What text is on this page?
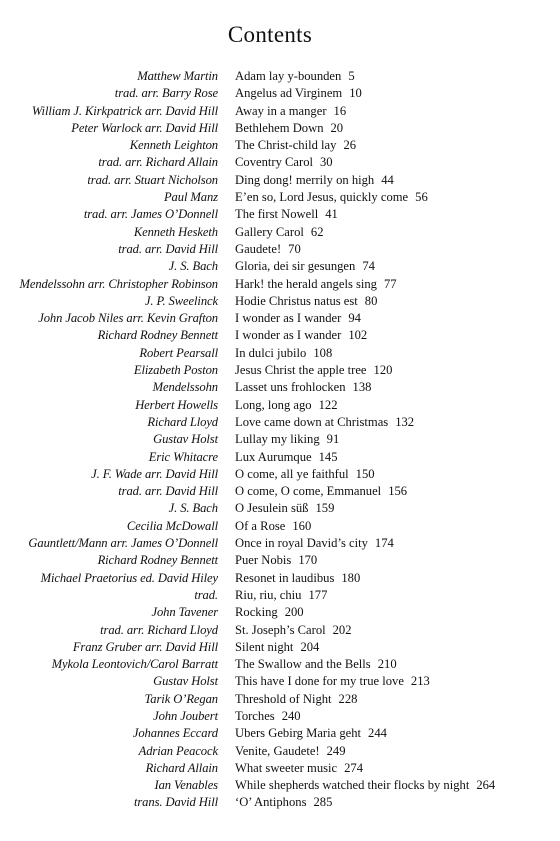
Contents
Matthew Martin	Adam lay y-bounden 5
trad. arr. Barry Rose	Angelus ad Virginem 10
William J. Kirkpatrick arr. David Hill	Away in a manger 16
Peter Warlock arr. David Hill	Bethlehem Down 20
Kenneth Leighton	The Christ-child lay 26
trad. arr. Richard Allain	Coventry Carol 30
trad. arr. Stuart Nicholson	Ding dong! merrily on high 44
Paul Manz	E’en so, Lord Jesus, quickly come 56
trad. arr. James O’Donnell	The first Nowell 41
Kenneth Hesketh	Gallery Carol 62
trad. arr. David Hill	Gaudete! 70
J. S. Bach	Gloria, dei sir gesungen 74
Mendelssohn arr. Christopher Robinson	Hark! the herald angels sing 77
J. P. Sweelinck	Hodie Christus natus est 80
John Jacob Niles arr. Kevin Grafton	I wonder as I wander 94
Richard Rodney Bennett	I wonder as I wander 102
Robert Pearsall	In dulci jubilo 108
Elizabeth Poston	Jesus Christ the apple tree 120
Mendelssohn	Lasset uns frohlocken 138
Herbert Howells	Long, long ago 122
Richard Lloyd	Love came down at Christmas 132
Gustav Holst	Lullay my liking 91
Eric Whitacre	Lux Aurumque 145
J. F. Wade arr. David Hill	O come, all ye faithful 150
trad. arr. David Hill	O come, O come, Emmanuel 156
J. S. Bach	O Jesulein süß 159
Cecilia McDowall	Of a Rose 160
Gauntlett/Mann arr. James O’Donnell	Once in royal David’s city 174
Richard Rodney Bennett	Puer Nobis 170
Michael Praetorius ed. David Hiley	Resonet in laudibus 180
trad.	Riu, riu, chiu 177
John Tavener	Rocking 200
trad. arr. Richard Lloyd	St. Joseph’s Carol 202
Franz Gruber arr. David Hill	Silent night 204
Mykola Leontovich/Carol Barratt	The Swallow and the Bells 210
Gustav Holst	This have I done for my true love 213
Tarik O’Regan	Threshold of Night 228
John Joubert	Torches 240
Johannes Eccard	Ubers Gebirg Maria geht 244
Adrian Peacock	Venite, Gaudete! 249
Richard Allain	What sweeter music 274
Ian Venables	While shepherds watched their flocks by night 264
trans. David Hill	‘O’ Antiphons 285
